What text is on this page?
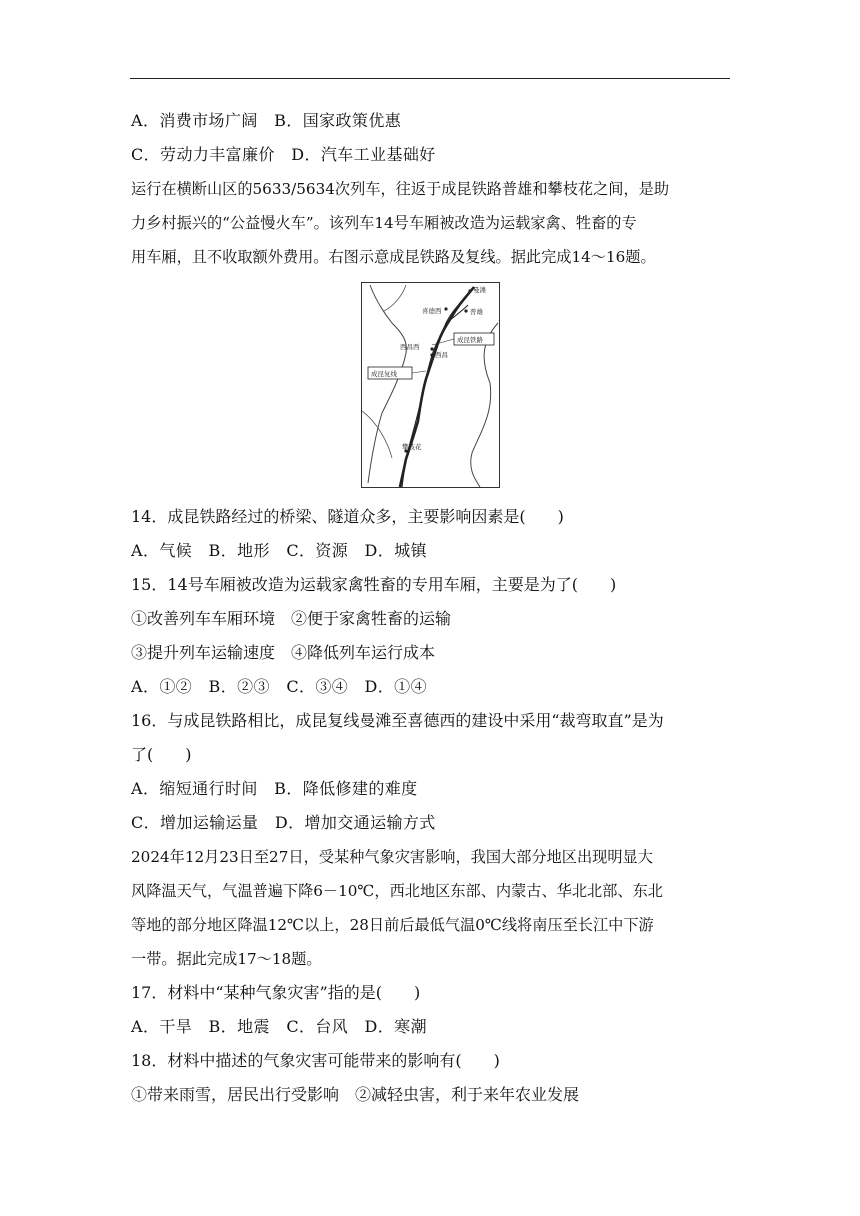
A．消费市场广阔　B．国家政策优惠
C．劳动力丰富廉价　D．汽车工业基础好
运行在横断山区的5633/5634次列车，往返于成昆铁路普雄和攀枝花之间，是助
力乡村振兴的“公益慢火车”。该列车14号车厢被改造为运载家禽、牲畜的专
用车厢，且不收取额外费用。右图示意成昆铁路及复线。据此完成14～16题。
曼滩
喜德西	普雄
成昆铁路
西昌西
西昌
成昆复线
攀枝花
14．成昆铁路经过的桥梁、隧道众多，主要影响因素是(　　)
A．气候　B．地形　C．资源　D．城镇
15．14号车厢被改造为运载家禽牲畜的专用车厢，主要是为了(　　)
①改善列车车厢环境　②便于家禽牲畜的运输
③提升列车运输速度　④降低列车运行成本
A．①②　B．②③　C．③④　D．①④
16．与成昆铁路相比，成昆复线曼滩至喜德西的建设中采用“裁弯取直”是为
了(　　)
A．缩短通行时间　B．降低修建的难度
C．增加运输运量　D．增加交通运输方式
2024年12月23日至27日，受某种气象灾害影响，我国大部分地区出现明显大
风降温天气，气温普遍下降6－10℃，西北地区东部、内蒙古、华北北部、东北
等地的部分地区降温12℃以上，28日前后最低气温0℃线将南压至长江中下游
一带。据此完成17～18题。
17．材料中“某种气象灾害”指的是(　　)
A．干旱　B．地震　C．台风　D．寒潮
18．材料中描述的气象灾害可能带来的影响有(　　)
①带来雨雪，居民出行受影响　②减轻虫害，利于来年农业发展
